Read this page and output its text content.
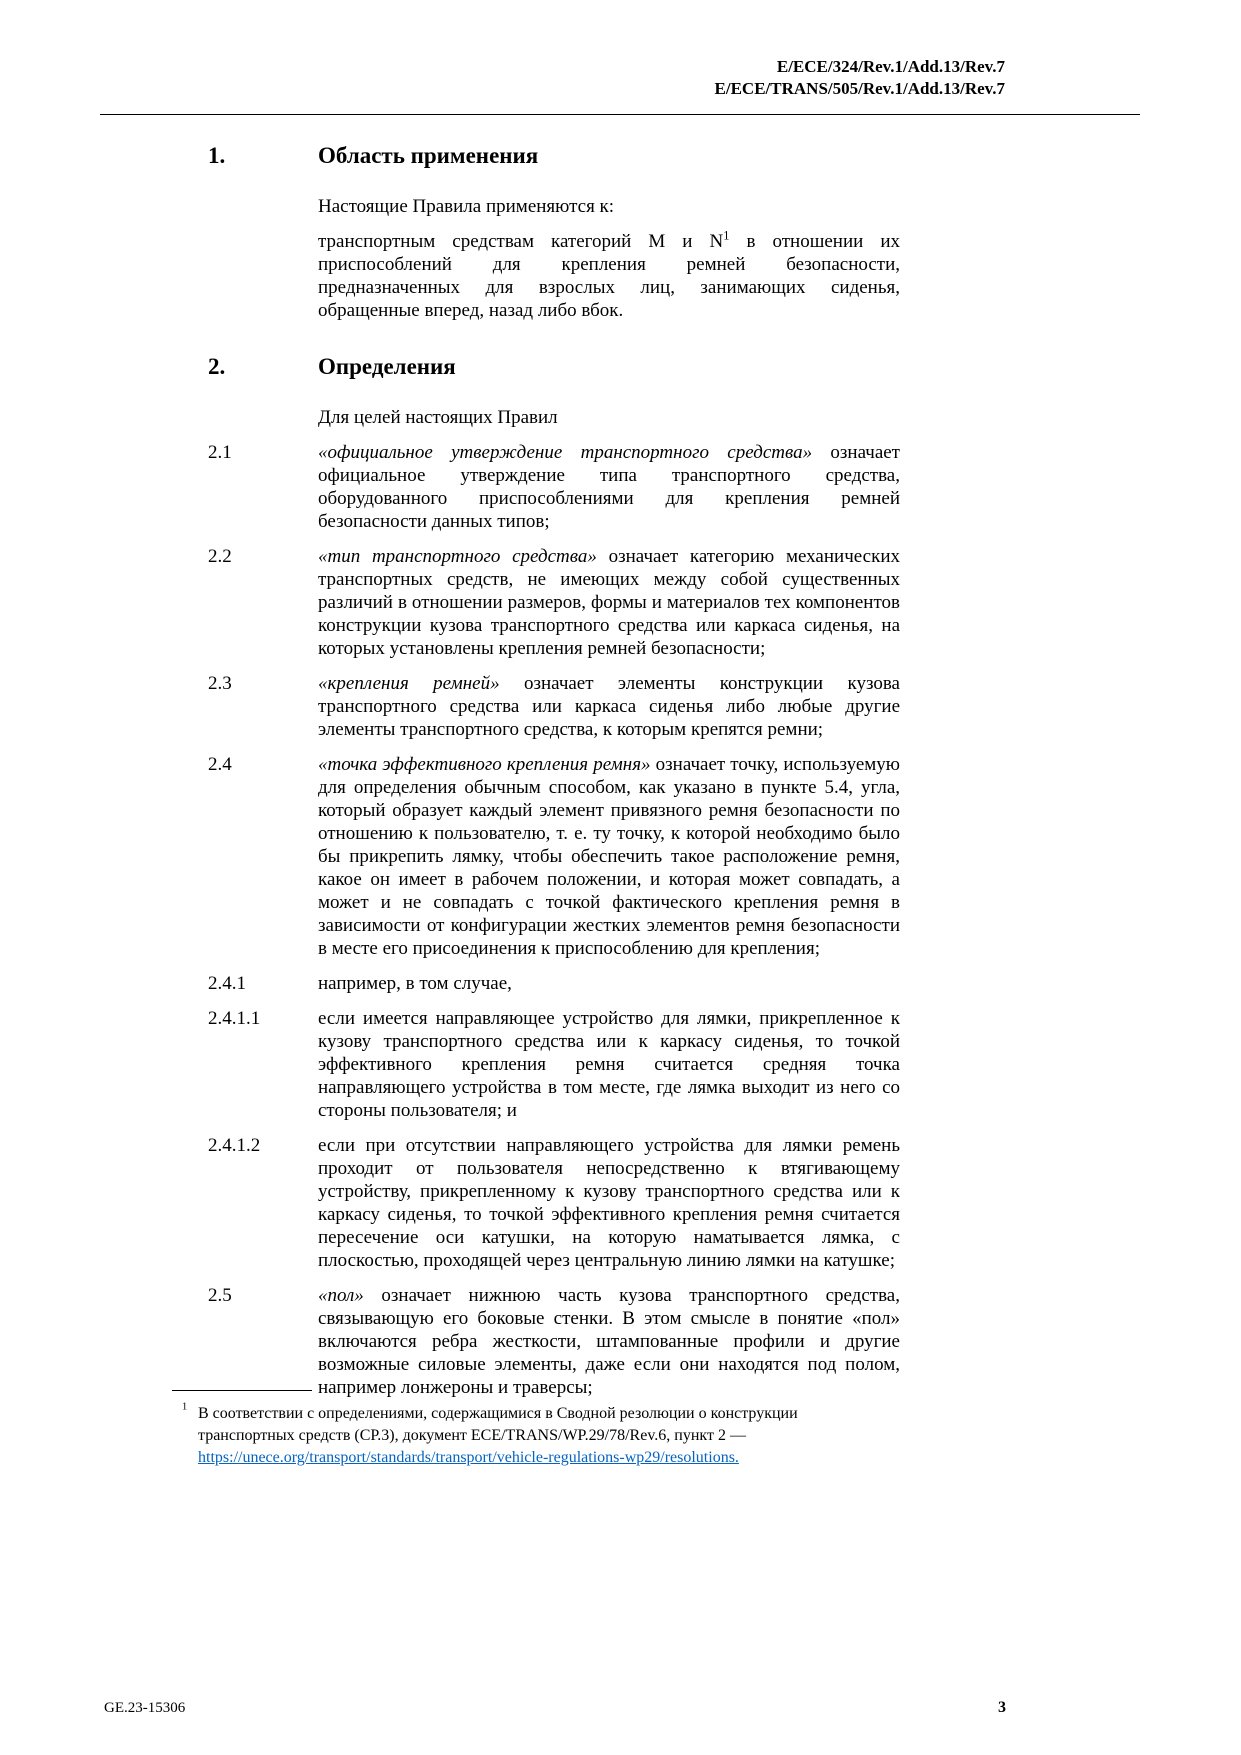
E/ECE/324/Rev.1/Add.13/Rev.7
E/ECE/TRANS/505/Rev.1/Add.13/Rev.7
1.	Область применения

Настоящие Правила применяются к:

транспортным средствам категорий M и $N^1$ в отношении их приспособлений для крепления ремней безопасности, предназначенных для взрослых лиц, занимающих сиденья, обращенные вперед, назад либо вбок.

2.	Определения

Для целей настоящих Правил

2.1	«официальное утверждение транспортного средства» означает официальное утверждение типа транспортного средства, оборудованного приспособлениями для крепления ремней безопасности данных типов;

2.2	«тип транспортного средства» означает категорию механических транспортных средств, не имеющих между собой существенных различий в отношении размеров, формы и материалов тех компонентов конструкции кузова транспортного средства или каркаса сиденья, на которых установлены крепления ремней безопасности;

2.3	«крепления ремней» означает элементы конструкции кузова транспортного средства или каркаса сиденья либо любые другие элементы транспортного средства, к которым крепятся ремни;

2.4	«точка эффективного крепления ремня» означает точку, используемую для определения обычным способом, как указано в пункте 5.4, угла, который образует каждый элемент привязного ремня безопасности по отношению к пользователю, т. е. ту точку, к которой необходимо было бы прикрепить лямку, чтобы обеспечить такое расположение ремня, какое он имеет в рабочем положении, и которая может совпадать, а может и не совпадать с точкой фактического крепления ремня в зависимости от конфигурации жестких элементов ремня безопасности в месте его присоединения к приспособлению для крепления;

2.4.1	например, в том случае,

2.4.1.1	если имеется направляющее устройство для лямки, прикрепленное к кузову транспортного средства или к каркасу сиденья, то точкой эффективного крепления ремня считается средняя точка направляющего устройства в том месте, где лямка выходит из него со стороны пользователя; и

2.4.1.2	если при отсутствии направляющего устройства для лямки ремень проходит от пользователя непосредственно к втягивающему устройству, прикрепленному к кузову транспортного средства или к каркасу сиденья, то точкой эффективного крепления ремня считается пересечение оси катушки, на которую наматывается лямка, с плоскостью, проходящей через центральную линию лямки на катушке;

2.5	«пол» означает нижнюю часть кузова транспортного средства, связывающую его боковые стенки. В этом смысле в понятие «пол» включаются ребра жесткости, штампованные профили и другие возможные силовые элементы, даже если они находятся под полом, например лонжероны и траверсы;

$^1$ В соответствии с определениями, содержащимися в Сводной резолюции о конструкции транспортных средств (СР.3), документ ECE/TRANS/WP.29/78/Rev.6, пункт 2 — https://unece.org/transport/standards/transport/vehicle-regulations-wp29/resolutions.

GE.23-15306	3
